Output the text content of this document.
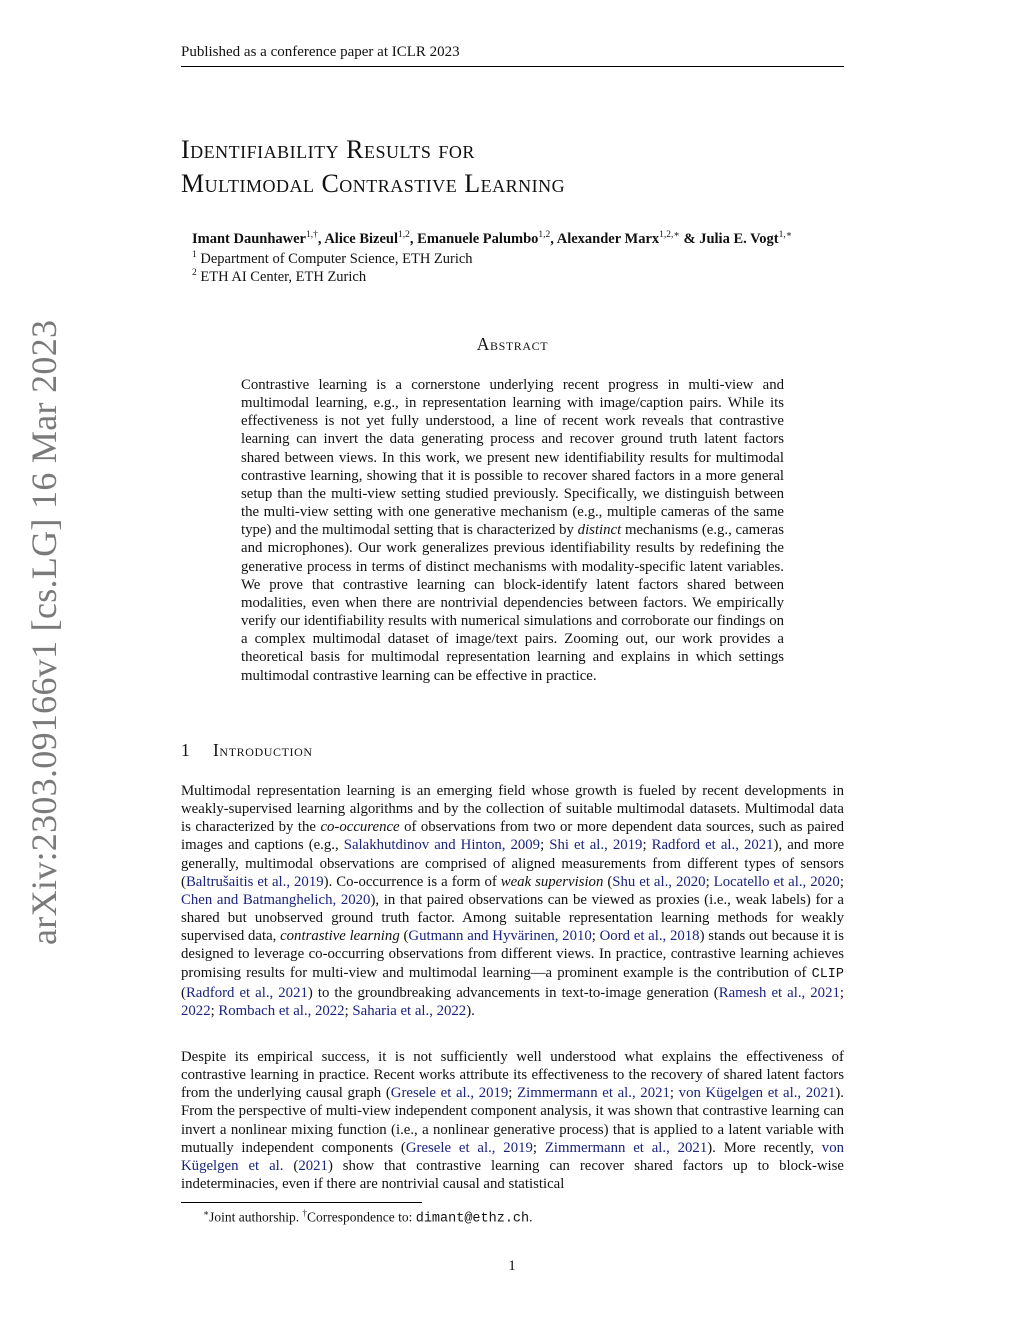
Published as a conference paper at ICLR 2023
arXiv:2303.09166v1 [cs.LG] 16 Mar 2023
Identifiability Results for
Multimodal Contrastive Learning
Imant Daunhawer$^{1,\dagger}$, Alice Bizeul$^{1,2}$, Emanuele Palumbo$^{1,2}$, Alexander Marx$^{1,2,∗}$ & Julia E. Vogt$^{1,∗}$
$^1$ Department of Computer Science, ETH Zurich
$^2$ ETH AI Center, ETH Zurich
Abstract
Contrastive learning is a cornerstone underlying recent progress in multi-view and multimodal learning, e.g., in representation learning with image/caption pairs. While its effectiveness is not yet fully understood, a line of recent work reveals that contrastive learning can invert the data generating process and recover ground truth latent factors shared between views. In this work, we present new identifiability results for multimodal contrastive learning, showing that it is possible to recover shared factors in a more general setup than the multi-view setting studied previously. Specifically, we distinguish between the multi-view setting with one generative mechanism (e.g., multiple cameras of the same type) and the multimodal setting that is characterized by distinct mechanisms (e.g., cameras and microphones). Our work generalizes previous identifiability results by redefining the generative process in terms of distinct mechanisms with modality-specific latent variables. We prove that contrastive learning can block-identify latent factors shared between modalities, even when there are nontrivial dependencies between factors. We empirically verify our identifiability results with numerical simulations and corroborate our findings on a complex multimodal dataset of image/text pairs. Zooming out, our work provides a theoretical basis for multimodal representation learning and explains in which settings multimodal contrastive learning can be effective in practice.
1 Introduction
Multimodal representation learning is an emerging field whose growth is fueled by recent developments in weakly-supervised learning algorithms and by the collection of suitable multimodal datasets. Multimodal data is characterized by the co-occurence of observations from two or more dependent data sources, such as paired images and captions (e.g., Salakhutdinov and Hinton, 2009; Shi et al., 2019; Radford et al., 2021), and more generally, multimodal observations are comprised of aligned measurements from different types of sensors (Baltrušaitis et al., 2019). Co-occurrence is a form of weak supervision (Shu et al., 2020; Locatello et al., 2020; Chen and Batmanghelich, 2020), in that paired observations can be viewed as proxies (i.e., weak labels) for a shared but unobserved ground truth factor. Among suitable representation learning methods for weakly supervised data, contrastive learning (Gutmann and Hyvärinen, 2010; Oord et al., 2018) stands out because it is designed to leverage co-occurring observations from different views. In practice, contrastive learning achieves promising results for multi-view and multimodal learning—a prominent example is the contribution of CLIP (Radford et al., 2021) to the groundbreaking advancements in text-to-image generation (Ramesh et al., 2021; 2022; Rombach et al., 2022; Saharia et al., 2022).
Despite its empirical success, it is not sufficiently well understood what explains the effectiveness of contrastive learning in practice. Recent works attribute its effectiveness to the recovery of shared latent factors from the underlying causal graph (Gresele et al., 2019; Zimmermann et al., 2021; von Kügelgen et al., 2021). From the perspective of multi-view independent component analysis, it was shown that contrastive learning can invert a nonlinear mixing function (i.e., a nonlinear generative process) that is applied to a latent variable with mutually independent components (Gresele et al., 2019; Zimmermann et al., 2021). More recently, von Kügelgen et al. (2021) show that contrastive learning can recover shared factors up to block-wise indeterminacies, even if there are nontrivial causal and statistical
∗Joint authorship. †Correspondence to: dimant@ethz.ch.
1
